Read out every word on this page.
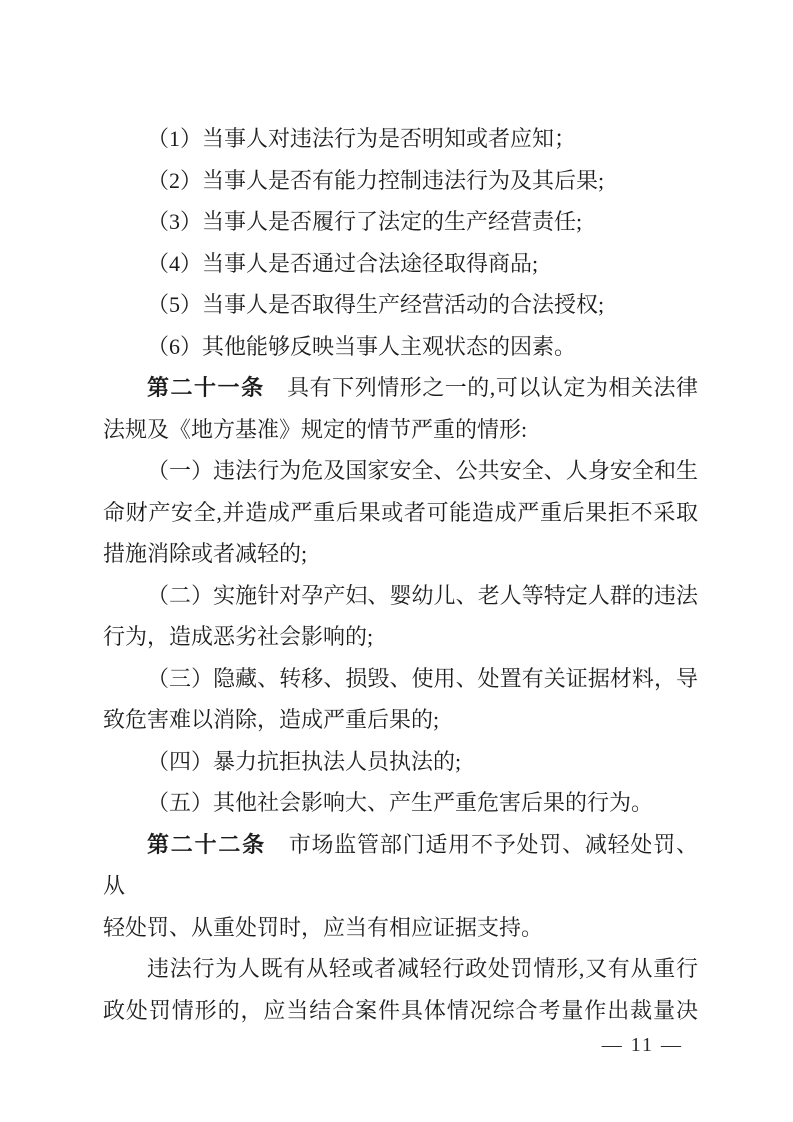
（1）当事人对违法行为是否明知或者应知；

（2）当事人是否有能力控制违法行为及其后果;

（3）当事人是否履行了法定的生产经营责任;

（4）当事人是否通过合法途径取得商品;

（5）当事人是否取得生产经营活动的合法授权;

（6）其他能够反映当事人主观状态的因素。

第二十一条　具有下列情形之一的,可以认定为相关法律
法规及《地方基准》规定的情节严重的情形:

（一）违法行为危及国家安全、公共安全、人身安全和生
命财产安全,并造成严重后果或者可能造成严重后果拒不采取
措施消除或者减轻的;

（二）实施针对孕产妇、婴幼儿、老人等特定人群的违法
行为，造成恶劣社会影响的;

（三）隐藏、转移、损毁、使用、处置有关证据材料，导
致危害难以消除，造成严重后果的;

（四）暴力抗拒执法人员执法的;

（五）其他社会影响大、产生严重危害后果的行为。

第二十二条　市场监管部门适用不予处罚、减轻处罚、从
轻处罚、从重处罚时，应当有相应证据支持。

违法行为人既有从轻或者减轻行政处罚情形,又有从重行
政处罚情形的，应当结合案件具体情况综合考量作出裁量决

— 11 —
